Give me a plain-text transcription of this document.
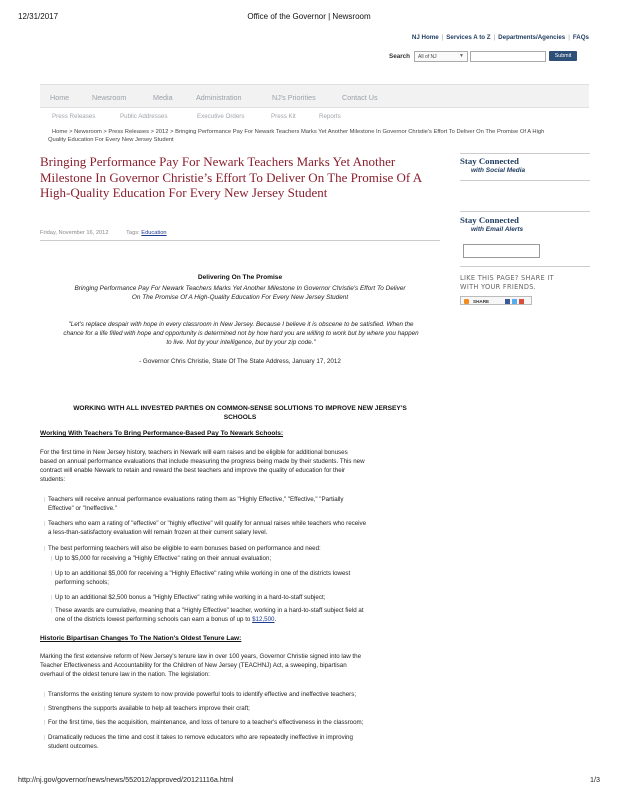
12/31/2017	Office of the Governor | Newsroom
NJ Home | Services A to Z | Departments/Agencies | FAQs
Search	All of NJ	▼	Submit
Home	Newsroom	Media	Administration	NJ's Priorities	Contact Us
Press Releases	Public Addresses	Executive Orders	Press Kit	Reports
Home > Newsroom > Press Releases > 2012 > Bringing Performance Pay For Newark Teachers Marks Yet Another Milestone In Governor Christie's Effort To Deliver On The Promise Of A High
Quality Education For Every New Jersey Student
Bringing Performance Pay For Newark Teachers Marks Yet Another Milestone In Governor Christie’s Effort To Deliver On The Promise Of A High-Quality Education For Every New Jersey Student
Friday, November 16, 2012	Tags: Education
Stay Connected
with Social Media
Stay Connected
with Email Alerts
LIKE THIS PAGE? SHARE IT
WITH YOUR FRIENDS.
SHARE
Delivering On The Promise
Bringing Performance Pay For Newark Teachers Marks Yet Another Milestone In Governor Christie's Effort To Deliver
On The Promise Of A High-Quality Education For Every New Jersey Student
"Let's replace despair with hope in every classroom in New Jersey. Because I believe it is obscene to be satisfied. When the
chance for a life filled with hope and opportunity is determined not by how hard you are willing to work but by where you happen
to live. Not by your intelligence, but by your zip code."
- Governor Chris Christie, State Of The State Address, January 17, 2012
WORKING WITH ALL INVESTED PARTIES ON COMMON-SENSE SOLUTIONS TO IMPROVE NEW JERSEY'S
SCHOOLS
Working With Teachers To Bring Performance-Based Pay To Newark Schools:
For the first time in New Jersey history, teachers in Newark will earn raises and be eligible for additional bonuses
based on annual performance evaluations that include measuring the progress being made by their students. This new
contract will enable Newark to retain and reward the best teachers and improve the quality of education for their
students:
Teachers will receive annual performance evaluations rating them as "Highly Effective," "Effective," "Partially
Effective" or "Ineffective."
Teachers who earn a rating of "effective" or "highly effective" will qualify for annual raises while teachers who receive
a less-than-satisfactory evaluation will remain frozen at their current salary level.
The best performing teachers will also be eligible to earn bonuses based on performance and need:
Up to $5,000 for receiving a "Highly Effective" rating on their annual evaluation;
Up to an additional $5,000 for receiving a "Highly Effective" rating while working in one of the districts lowest
performing schools;
Up to an additional $2,500 bonus a "Highly Effective" rating while working in a hard-to-staff subject;
These awards are cumulative, meaning that a "Highly Effective" teacher, working in a hard-to-staff subject field at
one of the districts lowest performing schools can earn a bonus of up to $12,500.
Historic Bipartisan Changes To The Nation's Oldest Tenure Law:
Marking the first extensive reform of New Jersey's tenure law in over 100 years, Governor Christie signed into law the
Teacher Effectiveness and Accountability for the Children of New Jersey (TEACHNJ) Act, a sweeping, bipartisan
overhaul of the oldest tenure law in the nation. The legislation:
Transforms the existing tenure system to now provide powerful tools to identify effective and ineffective teachers;
Strengthens the supports available to help all teachers improve their craft;
For the first time, ties the acquisition, maintenance, and loss of tenure to a teacher's effectiveness in the classroom;
Dramatically reduces the time and cost it takes to remove educators who are repeatedly ineffective in improving
student outcomes.
http://nj.gov/governor/news/news/552012/approved/20121116a.html	1/3
